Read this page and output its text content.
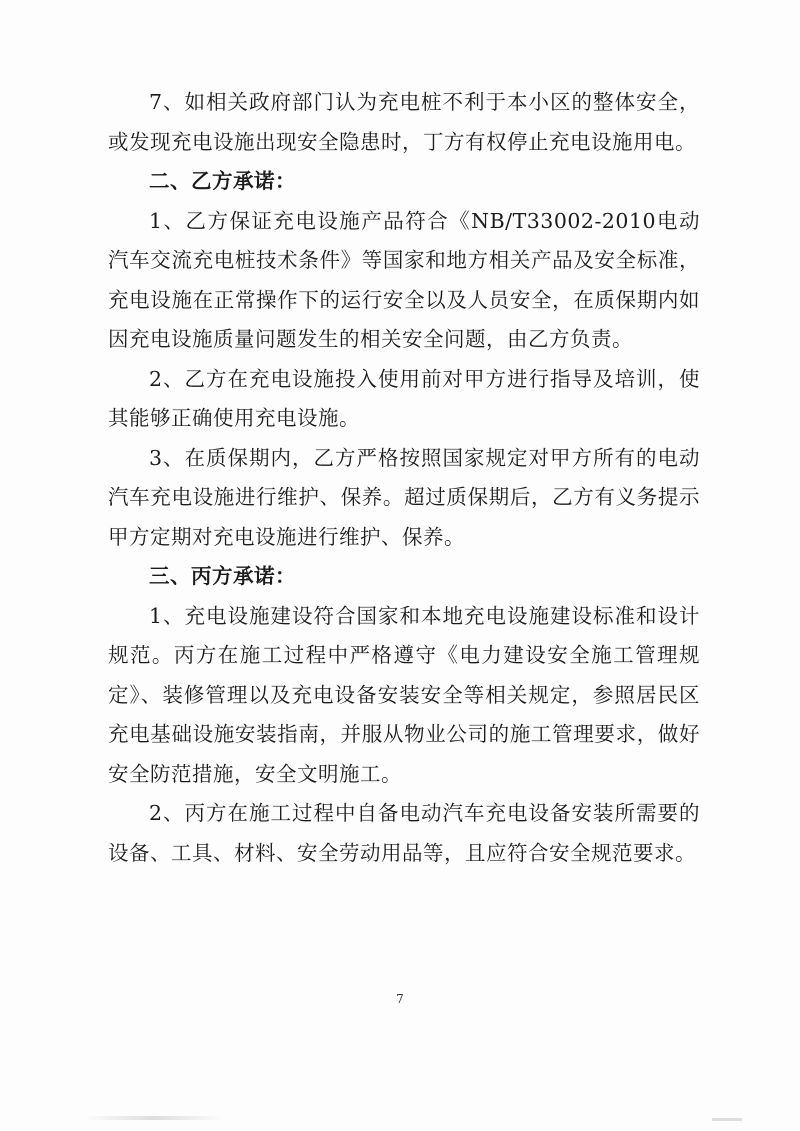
7、如相关政府部门认为充电桩不利于本小区的整体安全，或发现充电设施出现安全隐患时，丁方有权停止充电设施用电。

二、乙方承诺：

1、乙方保证充电设施产品符合《NB/T33002-2010电动汽车交流充电桩技术条件》等国家和地方相关产品及安全标准，充电设施在正常操作下的运行安全以及人员安全，在质保期内如因充电设施质量问题发生的相关安全问题，由乙方负责。

2、乙方在充电设施投入使用前对甲方进行指导及培训，使其能够正确使用充电设施。

3、在质保期内，乙方严格按照国家规定对甲方所有的电动汽车充电设施进行维护、保养。超过质保期后，乙方有义务提示甲方定期对充电设施进行维护、保养。

三、丙方承诺：

1、充电设施建设符合国家和本地充电设施建设标准和设计规范。丙方在施工过程中严格遵守《电力建设安全施工管理规定》、装修管理以及充电设备安装安全等相关规定，参照居民区充电基础设施安装指南，并服从物业公司的施工管理要求，做好安全防范措施，安全文明施工。

2、丙方在施工过程中自备电动汽车充电设备安装所需要的设备、工具、材料、安全劳动用品等，且应符合安全规范要求。

7
